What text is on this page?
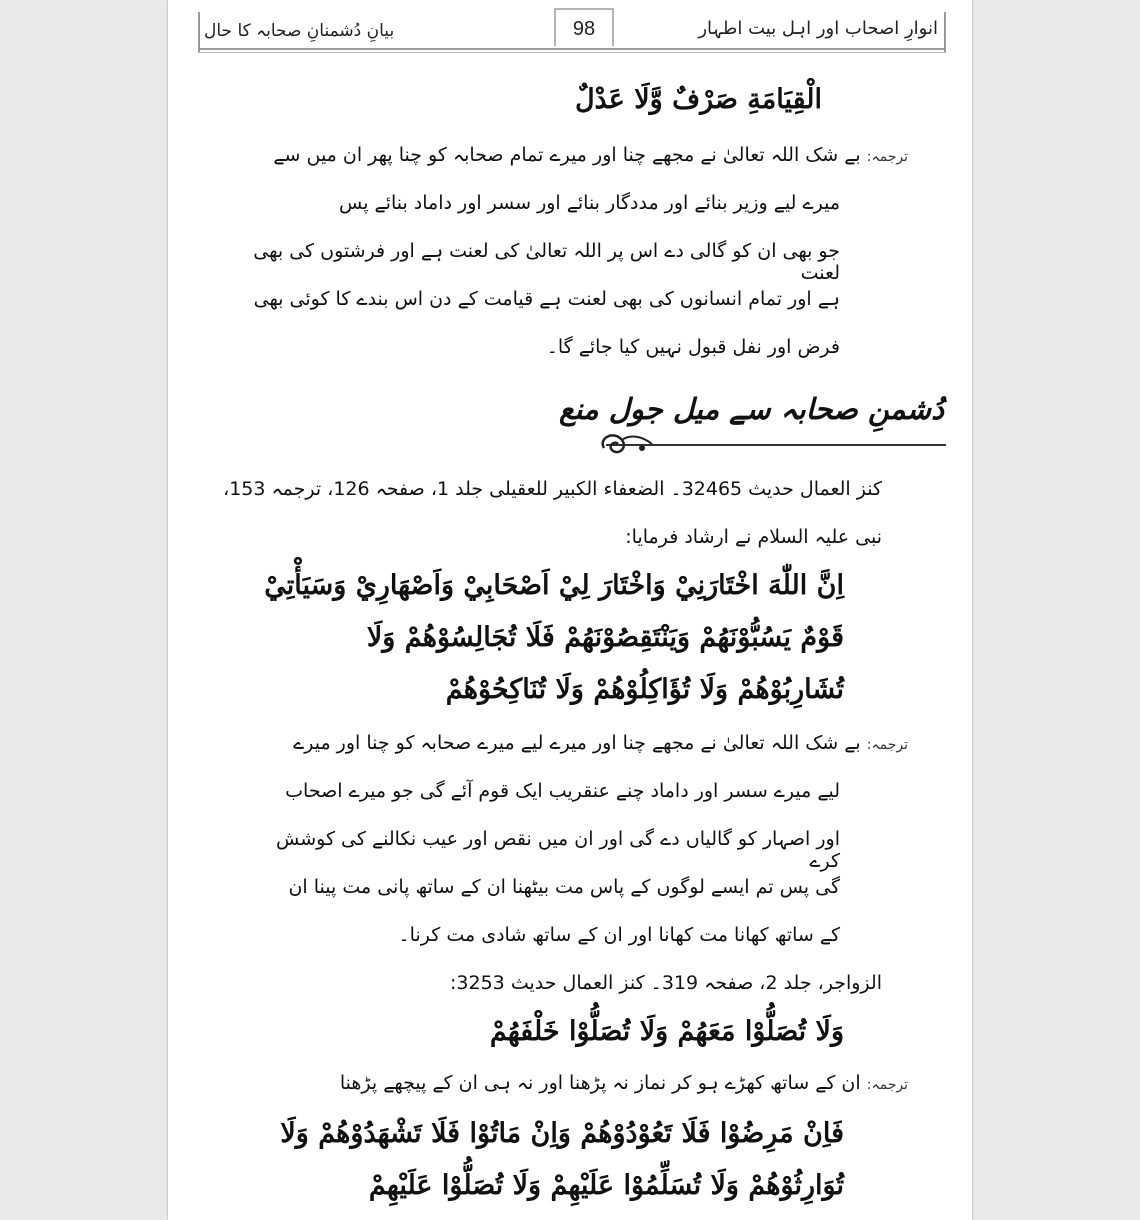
بیانِ دُشمنانِ صحابہ کا حال	انوارِ اصحاب اور اہل بیت اطہار
98
الْقِيَامَةِ صَرْفٌ وَّلَا عَدْلٌ
ترجمہ: بے شک اللہ تعالیٰ نے مجھے چنا اور میرے تمام صحابہ کو چنا پھر ان میں سے
میرے لیے وزیر بنائے اور مددگار بنائے اور سسر اور داماد بنائے پس
جو بھی ان کو گالی دے اس پر اللہ تعالیٰ کی لعنت ہے اور فرشتوں کی بھی لعنت
ہے اور تمام انسانوں کی بھی لعنت ہے قیامت کے دن اس بندے کا کوئی بھی
فرض اور نفل قبول نہیں کیا جائے گا۔
دُشمنِ صحابہ سے میل جول منع
کنز العمال حدیث 32465۔ الضعفاء الکبیر للعقیلی جلد 1، صفحہ 126، ترجمہ 153،
نبی علیہ السلام نے ارشاد فرمایا:
اِنَّ اللّٰهَ اخْتَارَنِيْ وَاخْتَارَ لِيْ اَصْحَابِيْ وَاَصْهَارِيْ وَسَيَأْتِيْ
قَوْمٌ يَسُبُّوْنَهُمْ وَيَنْتَقِصُوْنَهُمْ فَلَا تُجَالِسُوْهُمْ وَلَا
تُشَارِبُوْهُمْ وَلَا تُؤَاكِلُوْهُمْ وَلَا تُنَاكِحُوْهُمْ
ترجمہ: بے شک اللہ تعالیٰ نے مجھے چنا اور میرے لیے میرے صحابہ کو چنا اور میرے
لیے میرے سسر اور داماد چنے عنقریب ایک قوم آئے گی جو میرے اصحاب
اور اصہار کو گالیاں دے گی اور ان میں نقص اور عیب نکالنے کی کوشش کرے
گی پس تم ایسے لوگوں کے پاس مت بیٹھنا ان کے ساتھ پانی مت پینا ان
کے ساتھ کھانا مت کھانا اور ان کے ساتھ شادی مت کرنا۔
الزواجر، جلد 2، صفحہ 319۔ کنز العمال حدیث 3253:
وَلَا تُصَلُّوْا مَعَهُمْ وَلَا تُصَلُّوْا خَلْفَهُمْ
ترجمہ: ان کے ساتھ کھڑے ہو کر نماز نہ پڑھنا اور نہ ہی ان کے پیچھے پڑھنا
فَاِنْ مَرِضُوْا فَلَا تَعُوْدُوْهُمْ وَاِنْ مَاتُوْا فَلَا تَشْهَدُوْهُمْ وَلَا
تُوَارِثُوْهُمْ وَلَا تُسَلِّمُوْا عَلَيْهِمْ وَلَا تُصَلُّوْا عَلَيْهِمْ
